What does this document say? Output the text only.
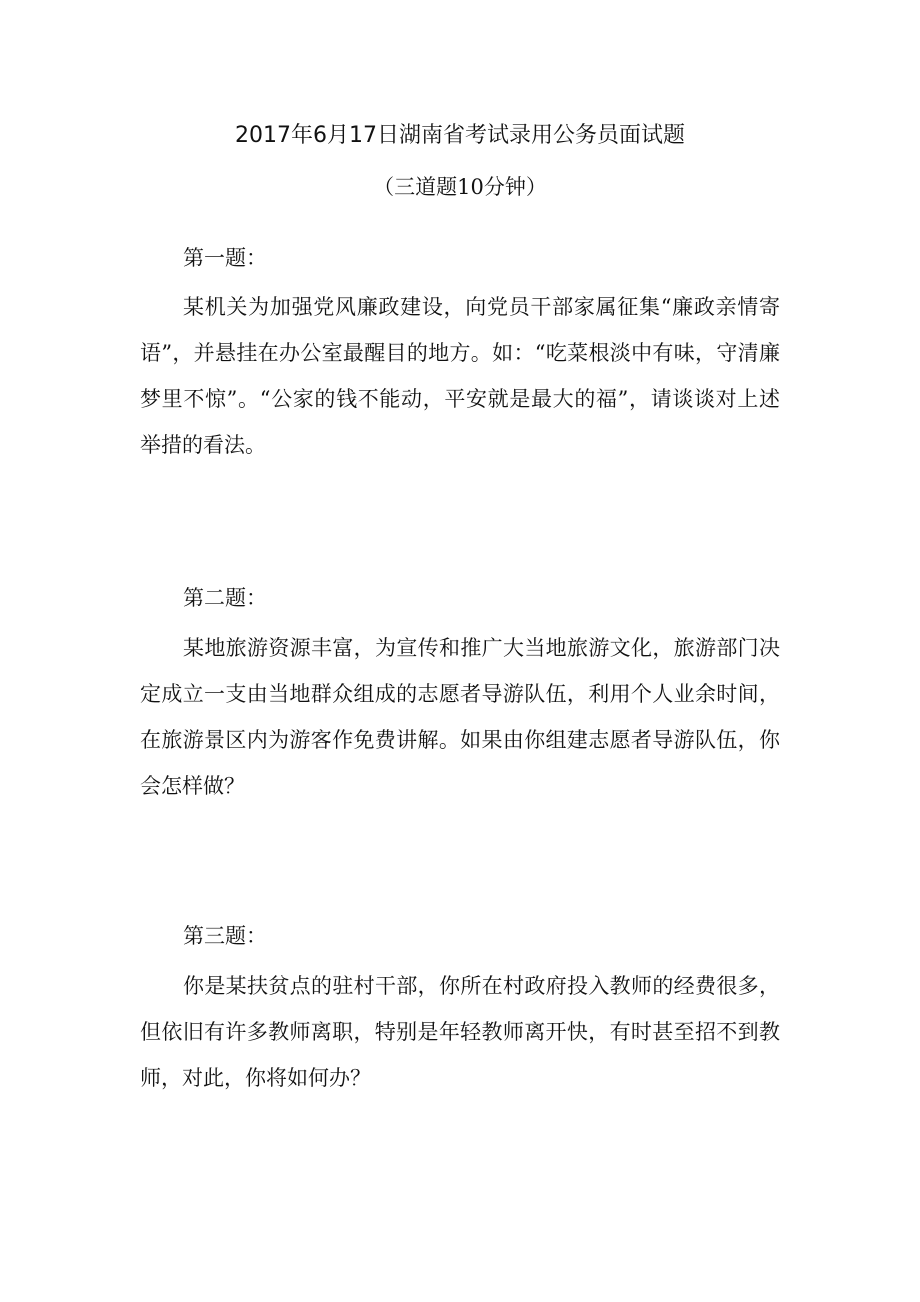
2017年6月17日湖南省考试录用公务员面试题
（三道题10分钟）
第一题：
某机关为加强党风廉政建设，向党员干部家属征集“廉政亲情寄语”，并悬挂在办公室最醒目的地方。如：“吃菜根淡中有味，守清廉梦里不惊”。“公家的钱不能动，平安就是最大的福”，请谈谈对上述举措的看法。
第二题：
某地旅游资源丰富，为宣传和推广大当地旅游文化，旅游部门决定成立一支由当地群众组成的志愿者导游队伍，利用个人业余时间，在旅游景区内为游客作免费讲解。如果由你组建志愿者导游队伍，你会怎样做？
第三题：
你是某扶贫点的驻村干部，你所在村政府投入教师的经费很多，但依旧有许多教师离职，特别是年轻教师离开快，有时甚至招不到教师，对此，你将如何办？
